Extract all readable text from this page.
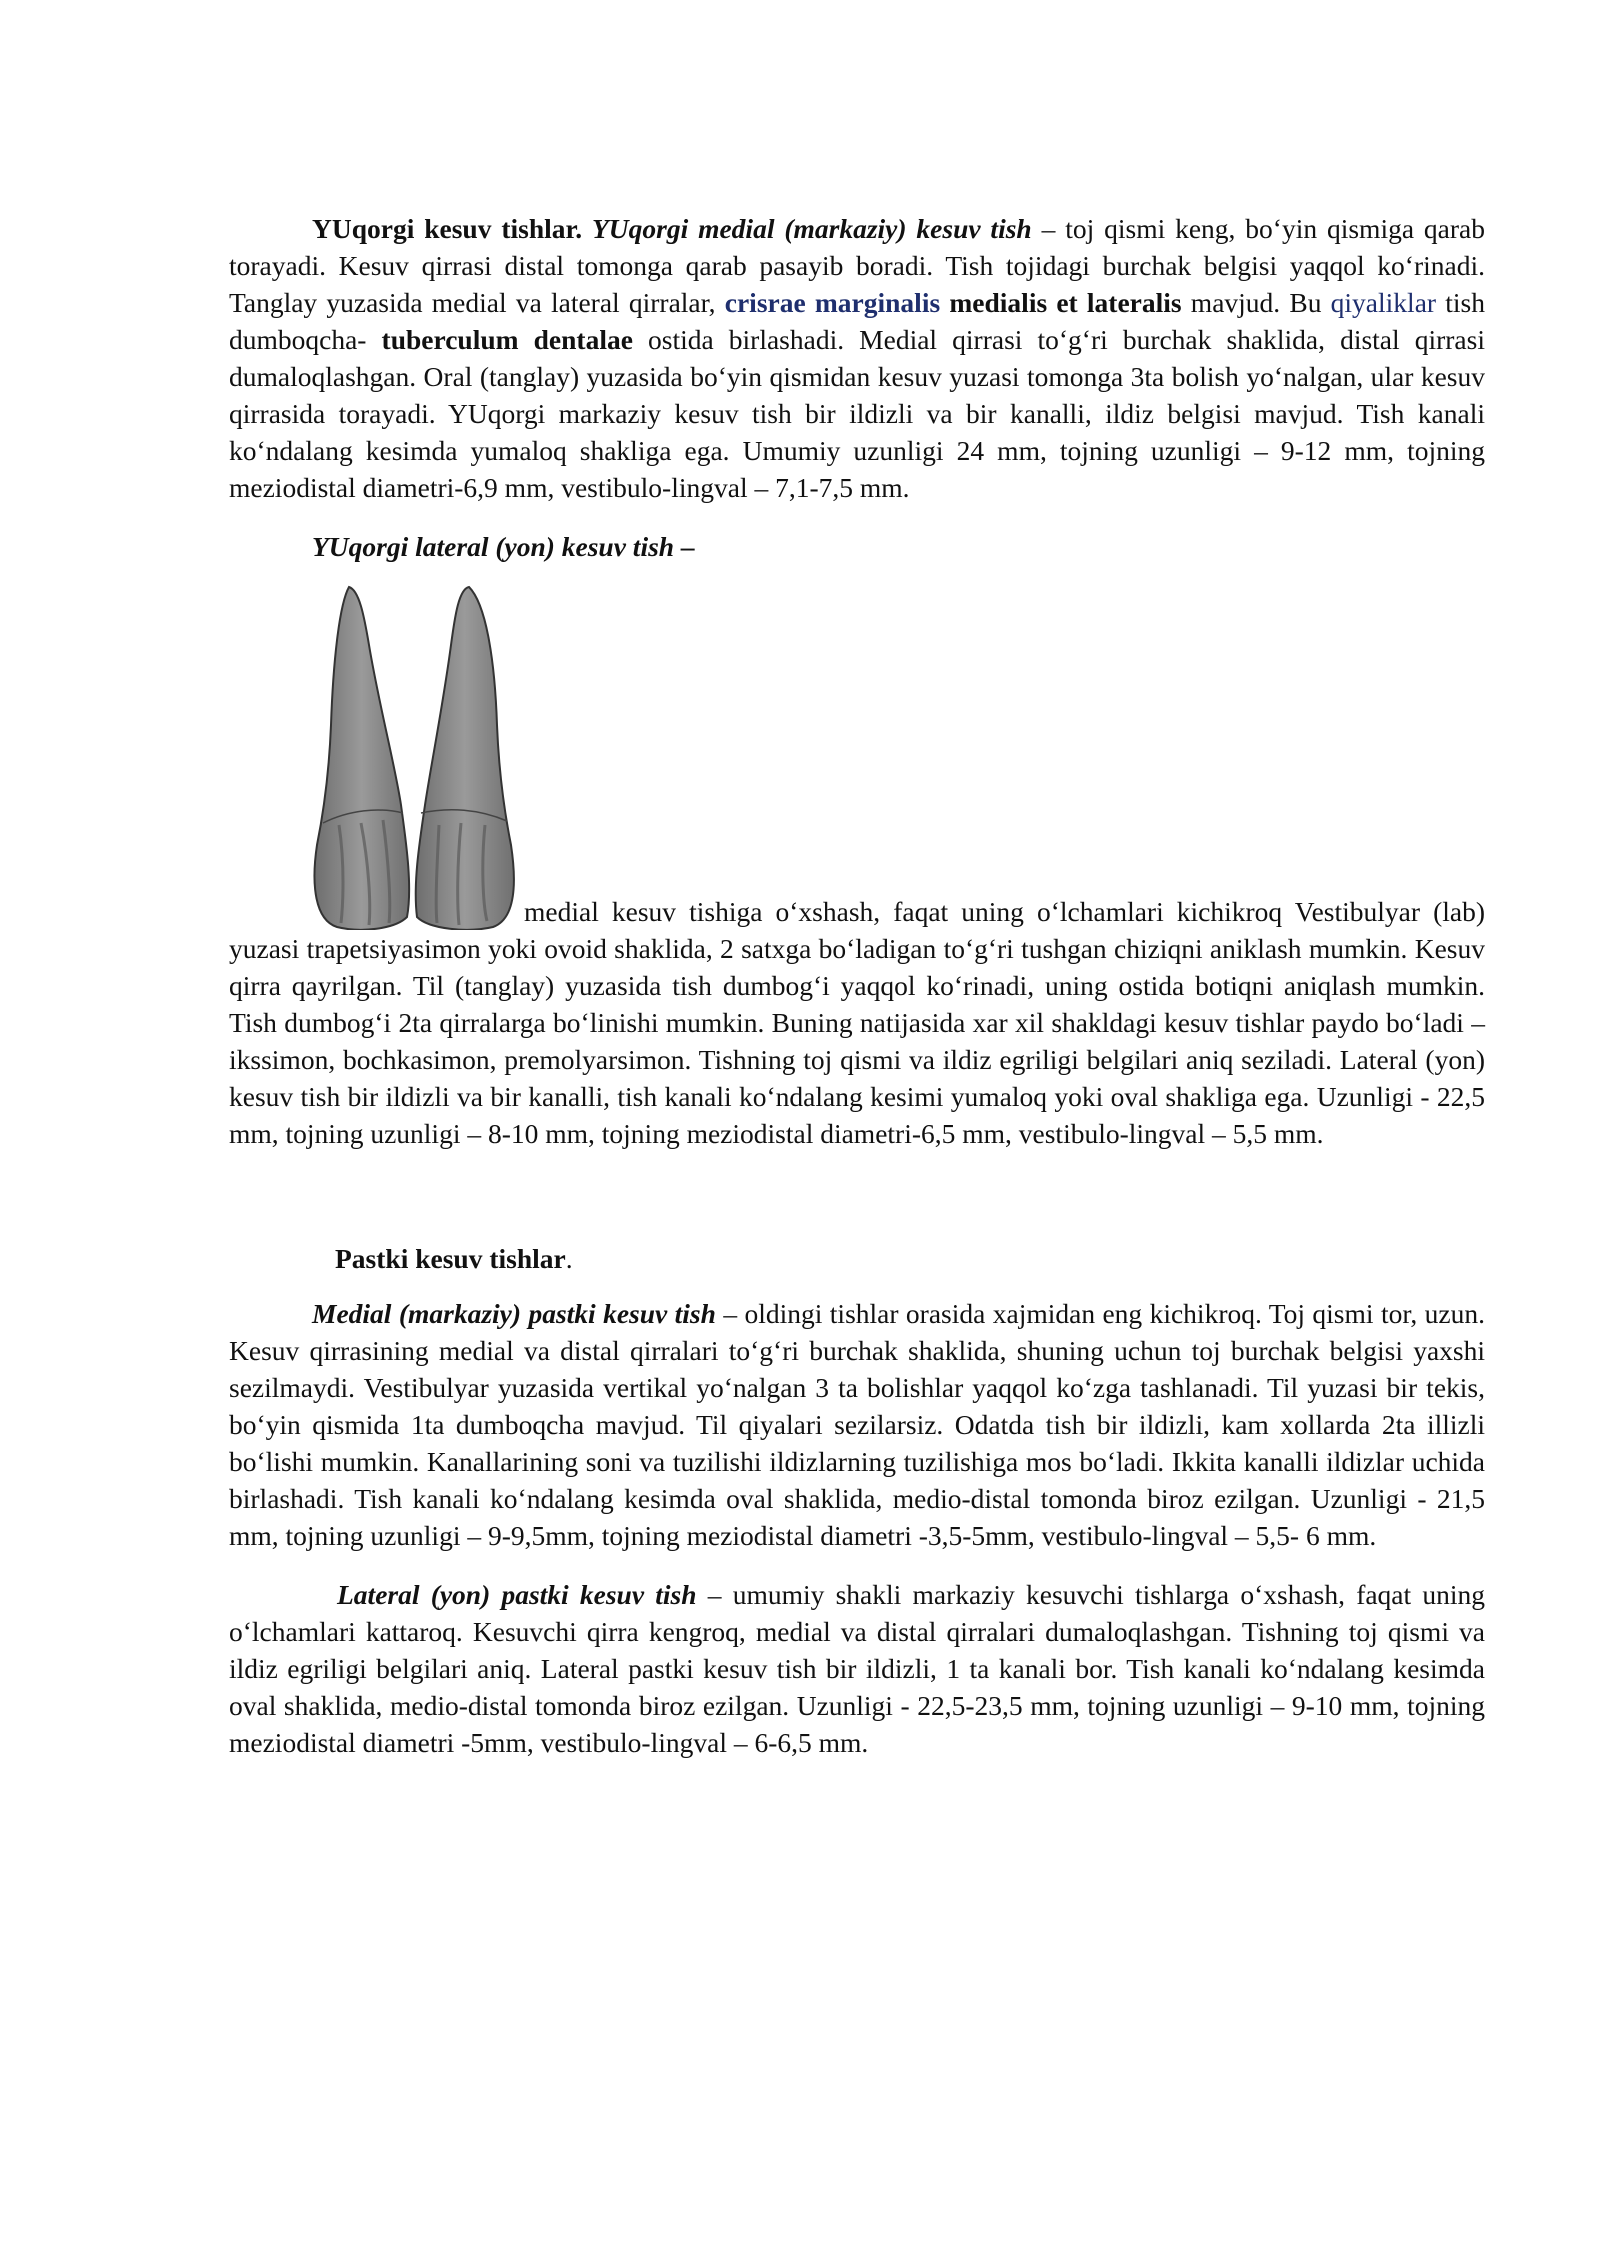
YUqorgi kesuv tishlar. YUqorgi medial (markaziy) kesuv tish – toj qismi keng, bo‘yin qismiga qarab torayadi. Kesuv qirrasi distal tomonga qarab pasayib boradi. Tish tojidagi burchak belgisi yaqqol ko‘rinadi. Tanglay yuzasida medial va lateral qirralar, crisrae marginalis medialis et lateralis mavjud. Bu qiyaliklar tish dumboqcha- tuberculum dentalae ostida birlashadi. Medial qirrasi to‘g‘ri burchak shaklida, distal qirrasi dumaloqlashgan. Oral (tanglay) yuzasida bo‘yin qismidan kesuv yuzasi tomonga 3ta bolish yo‘nalgan, ular kesuv qirrasida torayadi. YUqorgi markaziy kesuv tish bir ildizli va bir kanalli, ildiz belgisi mavjud. Tish kanali ko‘ndalang kesimda yumaloq shakliga ega. Umumiy uzunligi 24 mm, tojning uzunligi – 9-12 mm, tojning meziodistal diametri-6,9 mm, vestibulo-lingval – 7,1-7,5 mm.

YUqorgi lateral (yon) kesuv tish –

medial kesuv tishiga o‘xshash, faqat uning o‘lchamlari kichikroq Vestibulyar (lab) yuzasi trapetsiyasimon yoki ovoid shaklida, 2 satxga bo‘ladigan to‘g‘ri tushgan chiziqni aniklash mumkin. Kesuv qirra qayrilgan. Til (tanglay) yuzasida tish dumbog‘i yaqqol ko‘rinadi, uning ostida botiqni aniqlash mumkin. Tish dumbog‘i 2ta qirralarga bo‘linishi mumkin. Buning natijasida xar xil shakldagi kesuv tishlar paydo bo‘ladi – ikssimon, bochkasimon, premolyarsimon. Tishning toj qismi va ildiz egriligi belgilari aniq seziladi. Lateral (yon) kesuv tish bir ildizli va bir kanalli, tish kanali ko‘ndalang kesimi yumaloq yoki oval shakliga ega. Uzunligi - 22,5 mm, tojning uzunligi – 8-10 mm, tojning meziodistal diametri-6,5 mm, vestibulo-lingval – 5,5 mm.

Pastki kesuv tishlar.

Medial (markaziy) pastki kesuv tish – oldingi tishlar orasida xajmidan eng kichikroq. Toj qismi tor, uzun. Kesuv qirrasining medial va distal qirralari to‘g‘ri burchak shaklida, shuning uchun toj burchak belgisi yaxshi sezilmaydi. Vestibulyar yuzasida vertikal yo‘nalgan 3 ta bolishlar yaqqol ko‘zga tashlanadi. Til yuzasi bir tekis, bo‘yin qismida 1ta dumboqcha mavjud. Til qiyalari sezilarsiz. Odatda tish bir ildizli, kam xollarda 2ta illizli bo‘lishi mumkin. Kanallarining soni va tuzilishi ildizlarning tuzilishiga mos bo‘ladi. Ikkita kanalli ildizlar uchida birlashadi. Tish kanali ko‘ndalang kesimda oval shaklida, medio-distal tomonda biroz ezilgan. Uzunligi - 21,5 mm, tojning uzunligi – 9-9,5mm, tojning meziodistal diametri -3,5-5mm, vestibulo-lingval – 5,5- 6 mm.

Lateral (yon) pastki kesuv tish – umumiy shakli markaziy kesuvchi tishlarga o‘xshash, faqat uning o‘lchamlari kattaroq. Kesuvchi qirra kengroq, medial va distal qirralari dumaloqlashgan. Tishning toj qismi va ildiz egriligi belgilari aniq. Lateral pastki kesuv tish bir ildizli, 1 ta kanali bor. Tish kanali ko‘ndalang kesimda oval shaklida, medio-distal tomonda biroz ezilgan. Uzunligi - 22,5-23,5 mm, tojning uzunligi – 9-10 mm, tojning meziodistal diametri -5mm, vestibulo-lingval – 6-6,5 mm.
